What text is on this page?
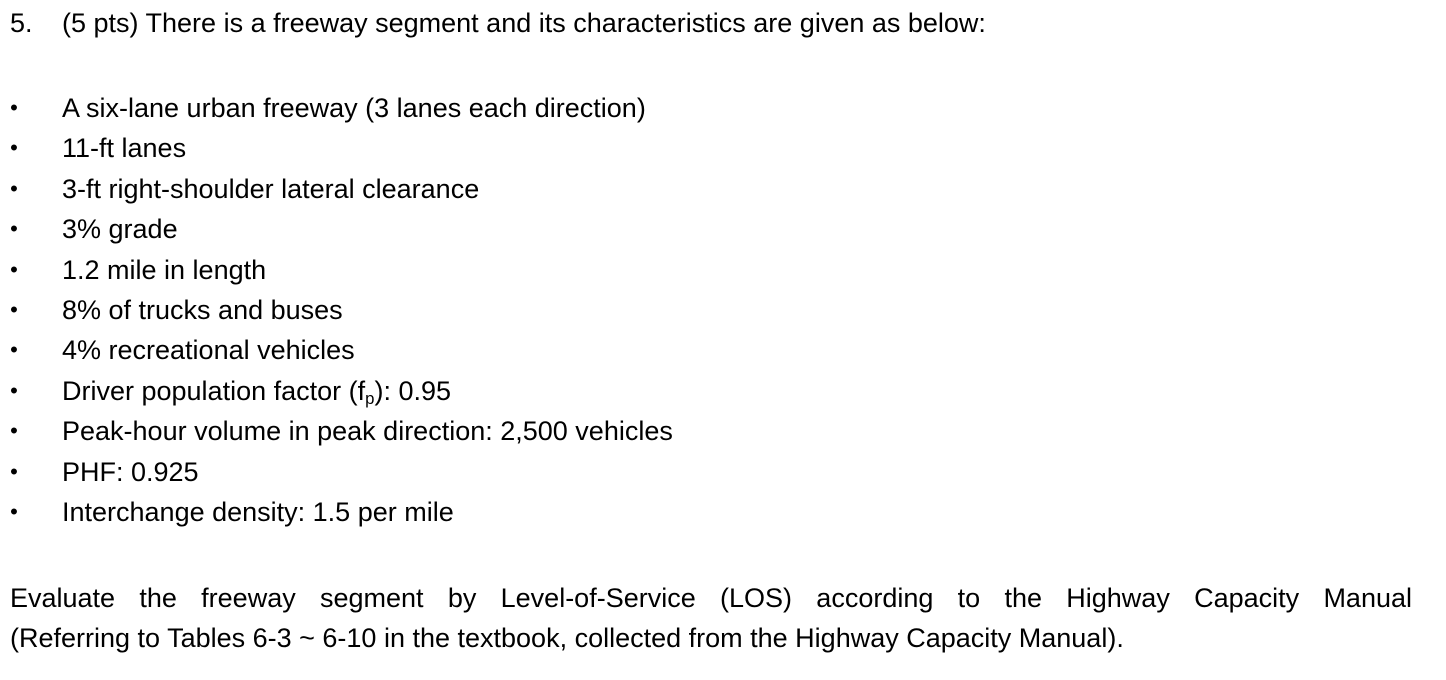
5.	(5 pts) There is a freeway segment and its characteristics are given as below:
• A six-lane urban freeway (3 lanes each direction)
• 11-ft lanes
• 3-ft right-shoulder lateral clearance
• 3% grade
• 1.2 mile in length
• 8% of trucks and buses
• 4% recreational vehicles
• Driver population factor $(f_p)$: 0.95
• Peak-hour volume in peak direction: 2,500 vehicles
• PHF: 0.925
• Interchange density: 1.5 per mile

Evaluate the freeway segment by Level-of-Service (LOS) according to the Highway Capacity Manual
(Referring to Tables 6-3 ~ 6-10 in the textbook, collected from the Highway Capacity Manual).
